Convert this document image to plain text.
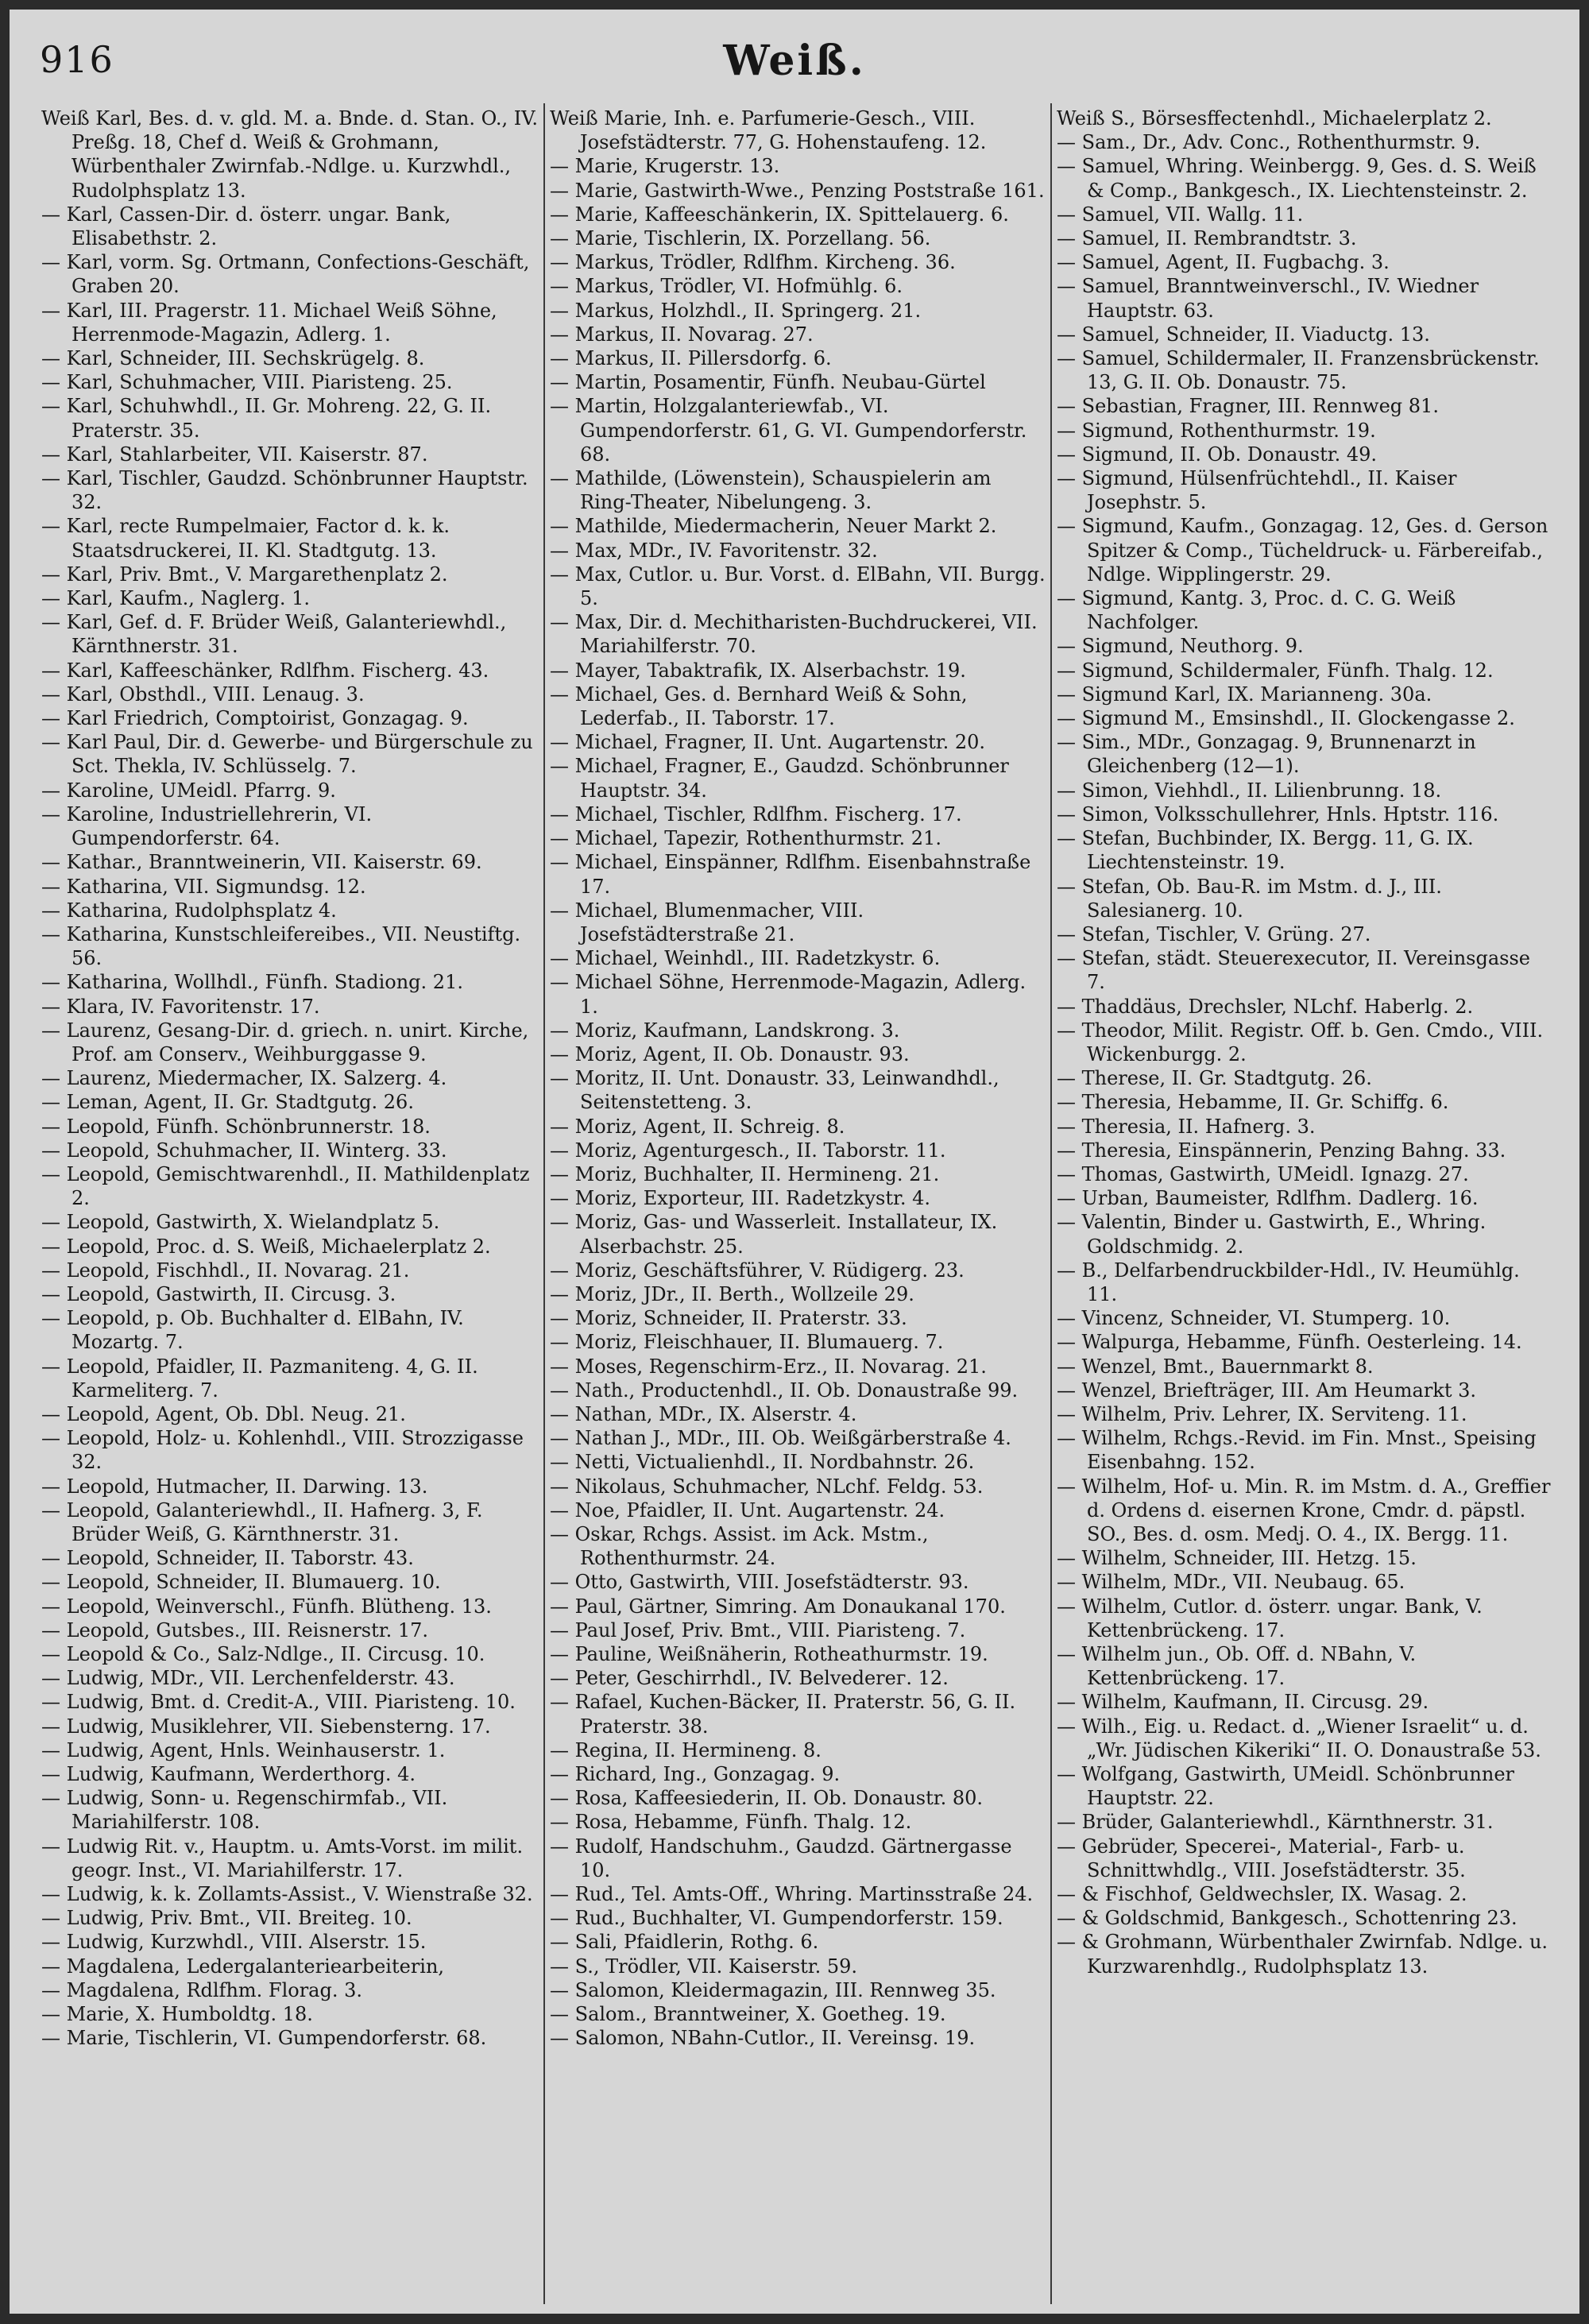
916	Weiß.
Weiß Karl, Bes. d. v. gld. M. a. Bnde. d. Stan. O., IV. Preßg. 18, Chef d. Weiß & Grohmann, Würbenthaler Zwirnfab.-Ndlge. u. Kurzwhdl., Rudolphsplatz 13.
— Karl, Cassen-Dir. d. österr. ungar. Bank, Elisabethstr. 2.
— Karl, vorm. Sg. Ortmann, Confections-Geschäft, Graben 20.
— Karl, III. Pragerstr. 11. Michael Weiß Söhne, Herrenmode-Magazin, Adlerg. 1.
— Karl, Schneider, III. Sechskrügelg. 8.
— Karl, Schuhmacher, VIII. Piaristeng. 25.
— Karl, Schuhwhdl., II. Gr. Mohreng. 22, G. II. Praterstr. 35.
— Karl, Stahlarbeiter, VII. Kaiserstr. 87.
— Karl, Tischler, Gaudzd. Schönbrunner Hauptstr. 32.
— Karl, recte Rumpelmaier, Factor d. k. k. Staatsdruckerei, II. Kl. Stadtgutg. 13.
— Karl, Priv. Bmt., V. Margarethenplatz 2.
— Karl, Kaufm., Naglerg. 1.
— Karl, Gef. d. F. Brüder Weiß, Galanteriewhdl., Kärnthnerstr. 31.
— Karl, Kaffeeschänker, Rdlfhm. Fischerg. 43.
— Karl, Obsthdl., VIII. Lenaug. 3.
— Karl Friedrich, Comptoirist, Gonzagag. 9.
— Karl Paul, Dir. d. Gewerbe- und Bürgerschule zu Sct. Thekla, IV. Schlüsselg. 7.
— Karoline, UMeidl. Pfarrg. 9.
— Karoline, Industriellehrerin, VI. Gumpendorferstr. 64.
— Kathar., Branntweinerin, VII. Kaiserstr. 69.
— Katharina, VII. Sigmundsg. 12.
— Katharina, Rudolphsplatz 4.
— Katharina, Kunstschleifereibes., VII. Neustiftg. 56.
— Katharina, Wollhdl., Fünfh. Stadiong. 21.
— Klara, IV. Favoritenstr. 17.
— Laurenz, Gesang-Dir. d. griech. n. unirt. Kirche, Prof. am Conserv., Weihburggasse 9.
— Laurenz, Miedermacher, IX. Salzerg. 4.
— Leman, Agent, II. Gr. Stadtgutg. 26.
— Leopold, Fünfh. Schönbrunnerstr. 18.
— Leopold, Schuhmacher, II. Winterg. 33.
— Leopold, Gemischtwarenhdl., II. Mathildenplatz 2.
— Leopold, Gastwirth, X. Wielandplatz 5.
— Leopold, Proc. d. S. Weiß, Michaelerplatz 2.
— Leopold, Fischhdl., II. Novarag. 21.
— Leopold, Gastwirth, II. Circusg. 3.
— Leopold, p. Ob. Buchhalter d. ElBahn, IV. Mozartg. 7.
— Leopold, Pfaidler, II. Pazmaniteng. 4, G. II. Karmeliterg. 7.
— Leopold, Agent, Ob. Dbl. Neug. 21.
— Leopold, Holz- u. Kohlenhdl., VIII. Strozzigasse 32.
— Leopold, Hutmacher, II. Darwing. 13.
— Leopold, Galanteriewhdl., II. Hafnerg. 3, F. Brüder Weiß, G. Kärnthnerstr. 31.
— Leopold, Schneider, II. Taborstr. 43.
— Leopold, Schneider, II. Blumauerg. 10.
— Leopold, Weinverschl., Fünfh. Blütheng. 13.
— Leopold, Gutsbes., III. Reisnerstr. 17.
— Leopold & Co., Salz-Ndlge., II. Circusg. 10.
— Ludwig, MDr., VII. Lerchenfelderstr. 43.
— Ludwig, Bmt. d. Credit-A., VIII. Piaristeng. 10.
— Ludwig, Musiklehrer, VII. Siebensterng. 17.
— Ludwig, Agent, Hnls. Weinhauserstr. 1.
— Ludwig, Kaufmann, Werderthorg. 4.
— Ludwig, Sonn- u. Regenschirmfab., VII. Mariahilferstr. 108.
— Ludwig Rit. v., Hauptm. u. Amts-Vorst. im milit. geogr. Inst., VI. Mariahilferstr. 17.
— Ludwig, k. k. Zollamts-Assist., V. Wienstraße 32.
— Ludwig, Priv. Bmt., VII. Breiteg. 10.
— Ludwig, Kurzwhdl., VIII. Alserstr. 15.
— Magdalena, Ledergalanteriearbeiterin,
— Magdalena, Rdlfhm. Florag. 3.
— Marie, X. Humboldtg. 18.
— Marie, Tischlerin, VI. Gumpendorferstr. 68.
Weiß Marie, Inh. e. Parfumerie-Gesch., VIII. Josefstädterstr. 77, G. Hohenstaufeng. 12.
— Marie, Krugerstr. 13.
— Marie, Gastwirth-Wwe., Penzing Poststraße 161.
— Marie, Kaffeeschänkerin, IX. Spittelauerg. 6.
— Marie, Tischlerin, IX. Porzellang. 56.
— Markus, Trödler, Rdlfhm. Kircheng. 36.
— Markus, Trödler, VI. Hofmühlg. 6.
— Markus, Holzhdl., II. Springerg. 21.
— Markus, II. Novarag. 27.
— Markus, II. Pillersdorfg. 6.
— Martin, Posamentir, Fünfh. Neubau-Gürtel
— Martin, Holzgalanteriewfab., VI. Gumpendorferstr. 61, G. VI. Gumpendorferstr. 68.
— Mathilde, (Löwenstein), Schauspielerin am Ring-Theater, Nibelungeng. 3.
— Mathilde, Miedermacherin, Neuer Markt 2.
— Max, MDr., IV. Favoritenstr. 32.
— Max, Cutlor. u. Bur. Vorst. d. ElBahn, VII. Burgg. 5.
— Max, Dir. d. Mechitharisten-Buchdruckerei, VII. Mariahilferstr. 70.
— Mayer, Tabaktrafik, IX. Alserbachstr. 19.
— Michael, Ges. d. Bernhard Weiß & Sohn, Lederfab., II. Taborstr. 17.
— Michael, Fragner, II. Unt. Augartenstr. 20.
— Michael, Fragner, E., Gaudzd. Schönbrunner Hauptstr. 34.
— Michael, Tischler, Rdlfhm. Fischerg. 17.
— Michael, Tapezir, Rothenthurmstr. 21.
— Michael, Einspänner, Rdlfhm. Eisenbahnstraße 17.
— Michael, Blumenmacher, VIII. Josefstädterstraße 21.
— Michael, Weinhdl., III. Radetzkystr. 6.
— Michael Söhne, Herrenmode-Magazin, Adlerg. 1.
— Moriz, Kaufmann, Landskrong. 3.
— Moriz, Agent, II. Ob. Donaustr. 93.
— Moritz, II. Unt. Donaustr. 33, Leinwandhdl., Seitenstetteng. 3.
— Moriz, Agent, II. Schreig. 8.
— Moriz, Agenturgesch., II. Taborstr. 11.
— Moriz, Buchhalter, II. Hermineng. 21.
— Moriz, Exporteur, III. Radetzkystr. 4.
— Moriz, Gas- und Wasserleit. Installateur, IX. Alserbachstr. 25.
— Moriz, Geschäftsführer, V. Rüdigerg. 23.
— Moriz, JDr., II. Berth., Wollzeile 29.
— Moriz, Schneider, II. Praterstr. 33.
— Moriz, Fleischhauer, II. Blumauerg. 7.
— Moses, Regenschirm-Erz., II. Novarag. 21.
— Nath., Productenhdl., II. Ob. Donaustraße 99.
— Nathan, MDr., IX. Alserstr. 4.
— Nathan J., MDr., III. Ob. Weißgärberstraße 4.
— Netti, Victualienhdl., II. Nordbahnstr. 26.
— Nikolaus, Schuhmacher, NLchf. Feldg. 53.
— Noe, Pfaidler, II. Unt. Augartenstr. 24.
— Oskar, Rchgs. Assist. im Ack. Mstm., Rothenthurmstr. 24.
— Otto, Gastwirth, VIII. Josefstädterstr. 93.
— Paul, Gärtner, Simring. Am Donaukanal 170.
— Paul Josef, Priv. Bmt., VIII. Piaristeng. 7.
— Pauline, Weißnäherin, Rotheathurmstr. 19.
— Peter, Geschirrhdl., IV. Belvederег. 12.
— Rafael, Kuchen-Bäcker, II. Praterstr. 56, G. II. Praterstr. 38.
— Regina, II. Hermineng. 8.
— Richard, Ing., Gonzagag. 9.
— Rosa, Kaffeesiederin, II. Ob. Donaustr. 80.
— Rosa, Hebamme, Fünfh. Thalg. 12.
— Rudolf, Handschuhm., Gaudzd. Gärtnergasse 10.
— Rud., Tel. Amts-Off., Whring. Martinsstraße 24.
— Rud., Buchhalter, VI. Gumpendorferstr. 159.
— Sali, Pfaidlerin, Rothg. 6.
— S., Trödler, VII. Kaiserstr. 59.
— Salomon, Kleidermagazin, III. Rennweg 35.
— Salom., Branntweiner, X. Goetheg. 19.
— Salomon, NBahn-Cutlor., II. Vereinsg. 19.
Weiß S., Börsesffectenhdl., Michaelerplatz 2.
— Sam., Dr., Adv. Conc., Rothenthurmstr. 9.
— Samuel, Whring. Weinbergg. 9, Ges. d. S. Weiß & Comp., Bankgesch., IX. Liechtensteinstr. 2.
— Samuel, VII. Wallg. 11.
— Samuel, II. Rembrandtstr. 3.
— Samuel, Agent, II. Fugbachg. 3.
— Samuel, Branntweinverschl., IV. Wiedner Hauptstr. 63.
— Samuel, Schneider, II. Viaductg. 13.
— Samuel, Schildermaler, II. Franzensbrückenstr. 13, G. II. Ob. Donaustr. 75.
— Sebastian, Fragner, III. Rennweg 81.
— Sigmund, Rothenthurmstr. 19.
— Sigmund, II. Ob. Donaustr. 49.
— Sigmund, Hülsenfrüchtehdl., II. Kaiser Josephstr. 5.
— Sigmund, Kaufm., Gonzagag. 12, Ges. d. Gerson Spitzer & Comp., Tücheldruck- u. Färbereifab., Ndlge. Wipplingerstr. 29.
— Sigmund, Kantg. 3, Proc. d. C. G. Weiß Nachfolger.
— Sigmund, Neuthorg. 9.
— Sigmund, Schildermaler, Fünfh. Thalg. 12.
— Sigmund Karl, IX. Marianneng. 30a.
— Sigmund M., Emsinshdl., II. Glockengasse 2.
— Sim., MDr., Gonzagag. 9, Brunnenarzt in Gleichenberg (12—1).
— Simon, Viehhdl., II. Lilienbrunng. 18.
— Simon, Volksschullehrer, Hnls. Hptstr. 116.
— Stefan, Buchbinder, IX. Bergg. 11, G. IX. Liechtensteinstr. 19.
— Stefan, Ob. Bau-R. im Mstm. d. J., III. Salesianerg. 10.
— Stefan, Tischler, V. Grüng. 27.
— Stefan, städt. Steuerexecutor, II. Vereinsgasse 7.
— Thaddäus, Drechsler, NLchf. Haberlg. 2.
— Theodor, Milit. Registr. Off. b. Gen. Cmdo., VIII. Wickenburgg. 2.
— Therese, II. Gr. Stadtgutg. 26.
— Theresia, Hebamme, II. Gr. Schiffg. 6.
— Theresia, II. Hafnerg. 3.
— Theresia, Einspännerin, Penzing Bahng. 33.
— Thomas, Gastwirth, UMeidl. Ignazg. 27.
— Urban, Baumeister, Rdlfhm. Dadlerg. 16.
— Valentin, Binder u. Gastwirth, E., Whring. Goldschmidg. 2.
— B., Delfarbendruckbilder-Hdl., IV. Heumühlg. 11.
— Vincenz, Schneider, VI. Stumperg. 10.
— Walpurga, Hebamme, Fünfh. Oesterleing. 14.
— Wenzel, Bmt., Bauernmarkt 8.
— Wenzel, Briefträger, III. Am Heumarkt 3.
— Wilhelm, Priv. Lehrer, IX. Serviteng. 11.
— Wilhelm, Rchgs.-Revid. im Fin. Mnst., Speising Eisenbahng. 152.
— Wilhelm, Hof- u. Min. R. im Mstm. d. A., Greffier d. Ordens d. eisernen Krone, Cmdr. d. päpstl. SO., Bes. d. osm. Medj. O. 4., IX. Bergg. 11.
— Wilhelm, Schneider, III. Hetzg. 15.
— Wilhelm, MDr., VII. Neubaug. 65.
— Wilhelm, Cutlor. d. österr. ungar. Bank, V. Kettenbrückeng. 17.
— Wilhelm jun., Ob. Off. d. NBahn, V. Kettenbrückeng. 17.
— Wilhelm, Kaufmann, II. Circusg. 29.
— Wilh., Eig. u. Redact. d. „Wiener Israelit“ u. d. „Wr. Jüdischen Kikeriki“ II. O. Donaustraße 53.
— Wolfgang, Gastwirth, UMeidl. Schönbrunner Hauptstr. 22.
— Brüder, Galanteriewhdl., Kärnthnerstr. 31.
— Gebrüder, Specerei-, Material-, Farb- u. Schnittwhdlg., VIII. Josefstädterstr. 35.
— & Fischhof, Geldwechsler, IX. Wasag. 2.
— & Goldschmid, Bankgesch., Schottenring 23.
— & Grohmann, Würbenthaler Zwirnfab. Ndlge. u. Kurzwarenhdlg., Rudolphsplatz 13.
